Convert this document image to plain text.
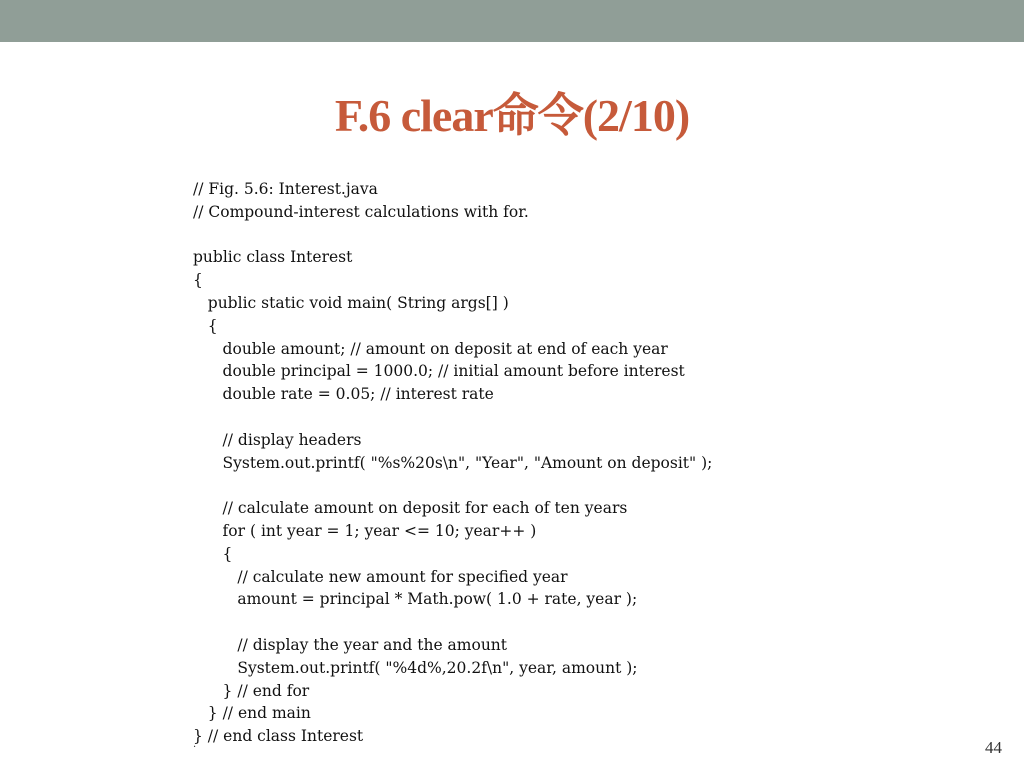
F.6 clear命令(2/10)
// Fig. 5.6: Interest.java
// Compound-interest calculations with for.
public class Interest
{
public static void main( String args[] )
{
double amount; // amount on deposit at end of each year
double principal = 1000.0; // initial amount before interest
double rate = 0.05; // interest rate
// display headers
System.out.printf( "%s%20s\n", "Year", "Amount on deposit" );
// calculate amount on deposit for each of ten years
for ( int year = 1; year <= 10; year++ )
{
// calculate new amount for specified year
amount = principal * Math.pow( 1.0 + rate, year );
// display the year and the amount
System.out.printf( "%4d%,20.2f\n", year, amount );
} // end for
} // end main
} // end class Interest
·	44
